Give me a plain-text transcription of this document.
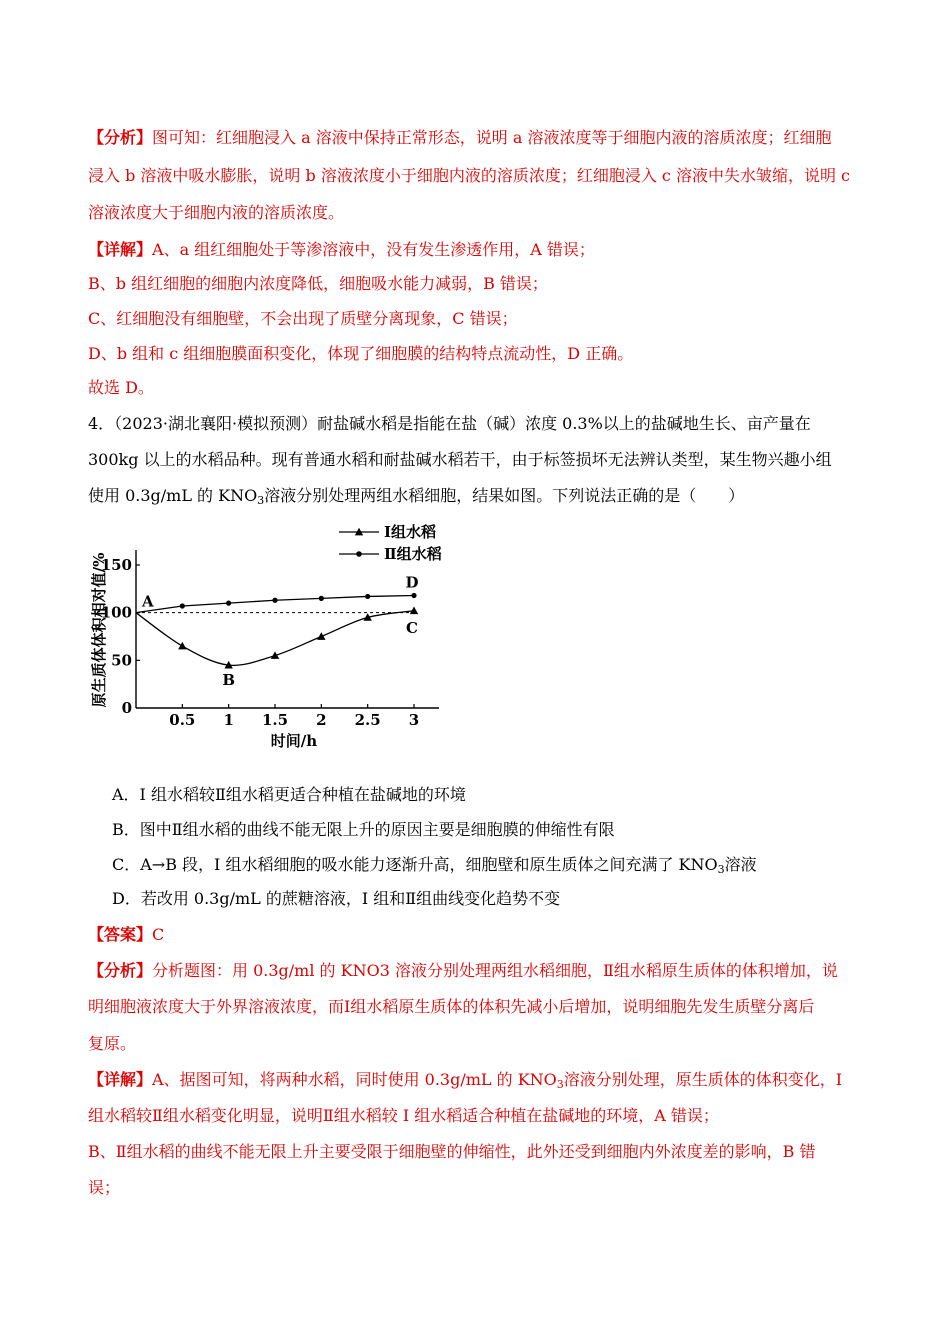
【分析】图可知：红细胞浸入 a 溶液中保持正常形态，说明 a 溶液浓度等于细胞内液的溶质浓度；红细胞
浸入 b 溶液中吸水膨胀，说明 b 溶液浓度小于细胞内液的溶质浓度；红细胞浸入 c 溶液中失水皱缩，说明 c
溶液浓度大于细胞内液的溶质浓度。
【详解】A、a 组红细胞处于等渗溶液中，没有发生渗透作用，A 错误；
B、b 组红细胞的细胞内浓度降低，细胞吸水能力减弱，B 错误；
C、红细胞没有细胞壁，不会出现了质壁分离现象，C 错误；
D、b 组和 c 组细胞膜面积变化，体现了细胞膜的结构特点流动性，D 正确。
故选 D。
4．（2023·湖北襄阳·模拟预测）耐盐碱水稻是指能在盐（碱）浓度 0.3%以上的盐碱地生长、亩产量在
300kg 以上的水稻品种。现有普通水稻和耐盐碱水稻若干，由于标签损坏无法辨认类型，某生物兴趣小组
使用 0.3g/mL 的 $KNO_3$溶液分别处理两组水稻细胞，结果如图。下列说法正确的是（　　）
0
50
100
150
0.5 1 1.5 2 2.5 3
A
B
C
D
Ⅰ组水稻
Ⅱ组水稻
原生质体体积相对值/%
时间/h
A．I 组水稻较Ⅱ组水稻更适合种植在盐碱地的环境
B．图中Ⅱ组水稻的曲线不能无限上升的原因主要是细胞膜的伸缩性有限
C．A→B 段，I 组水稻细胞的吸水能力逐渐升高，细胞壁和原生质体之间充满了 $KNO_3$溶液
D．若改用 0.3g/mL 的蔗糖溶液，I 组和Ⅱ组曲线变化趋势不变
【答案】C
【分析】分析题图：用 0.3g/ml 的 KNO3 溶液分别处理两组水稻细胞，Ⅱ组水稻原生质体的体积增加，说
明细胞液浓度大于外界溶液浓度，而Ⅰ组水稻原生质体的体积先减小后增加，说明细胞先发生质壁分离后
复原。
【详解】A、据图可知，将两种水稻，同时使用 0.3g/mL 的 $KNO_3$溶液分别处理，原生质体的体积变化，I
组水稻较Ⅱ组水稻变化明显，说明Ⅱ组水稻较 I 组水稻适合种植在盐碱地的环境，A 错误；
B、Ⅱ组水稻的曲线不能无限上升主要受限于细胞壁的伸缩性，此外还受到细胞内外浓度差的影响，B 错
误；
